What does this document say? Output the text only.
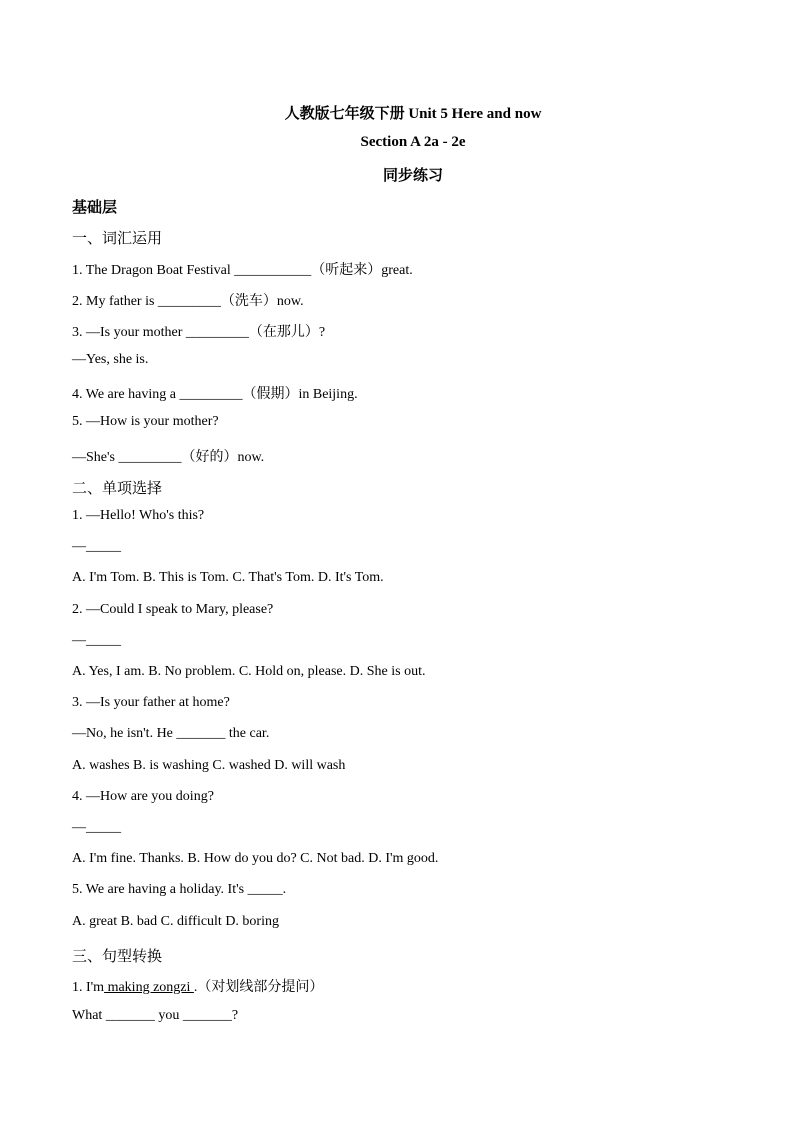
人教版七年级下册 Unit 5 Here and now
Section A 2a - 2e
同步练习
基础层
一、词汇运用
1. The Dragon Boat Festival ___________（听起来）great.
2. My father is _________（洗车）now.
3. —Is your mother _________（在那儿）?
—Yes, she is.
4. We are having a _________（假期）in Beijing.
5. —How is your mother?
—She's _________（好的）now.
二、单项选择
1. —Hello! Who's this?
—_____
A. I'm Tom. B. This is Tom. C. That's Tom. D. It's Tom.
2. —Could I speak to Mary, please?
—_____
A. Yes, I am. B. No problem. C. Hold on, please. D. She is out.
3. —Is your father at home?
—No, he isn't. He _______ the car.
A. washes B. is washing C. washed D. will wash
4. —How are you doing?
—_____
A. I'm fine. Thanks. B. How do you do? C. Not bad. D. I'm good.
5. We are having a holiday. It's _____.
A. great B. bad C. difficult D. boring
三、句型转换
1. I'm making zongzi .（对划线部分提问）
What _______ you _______?
